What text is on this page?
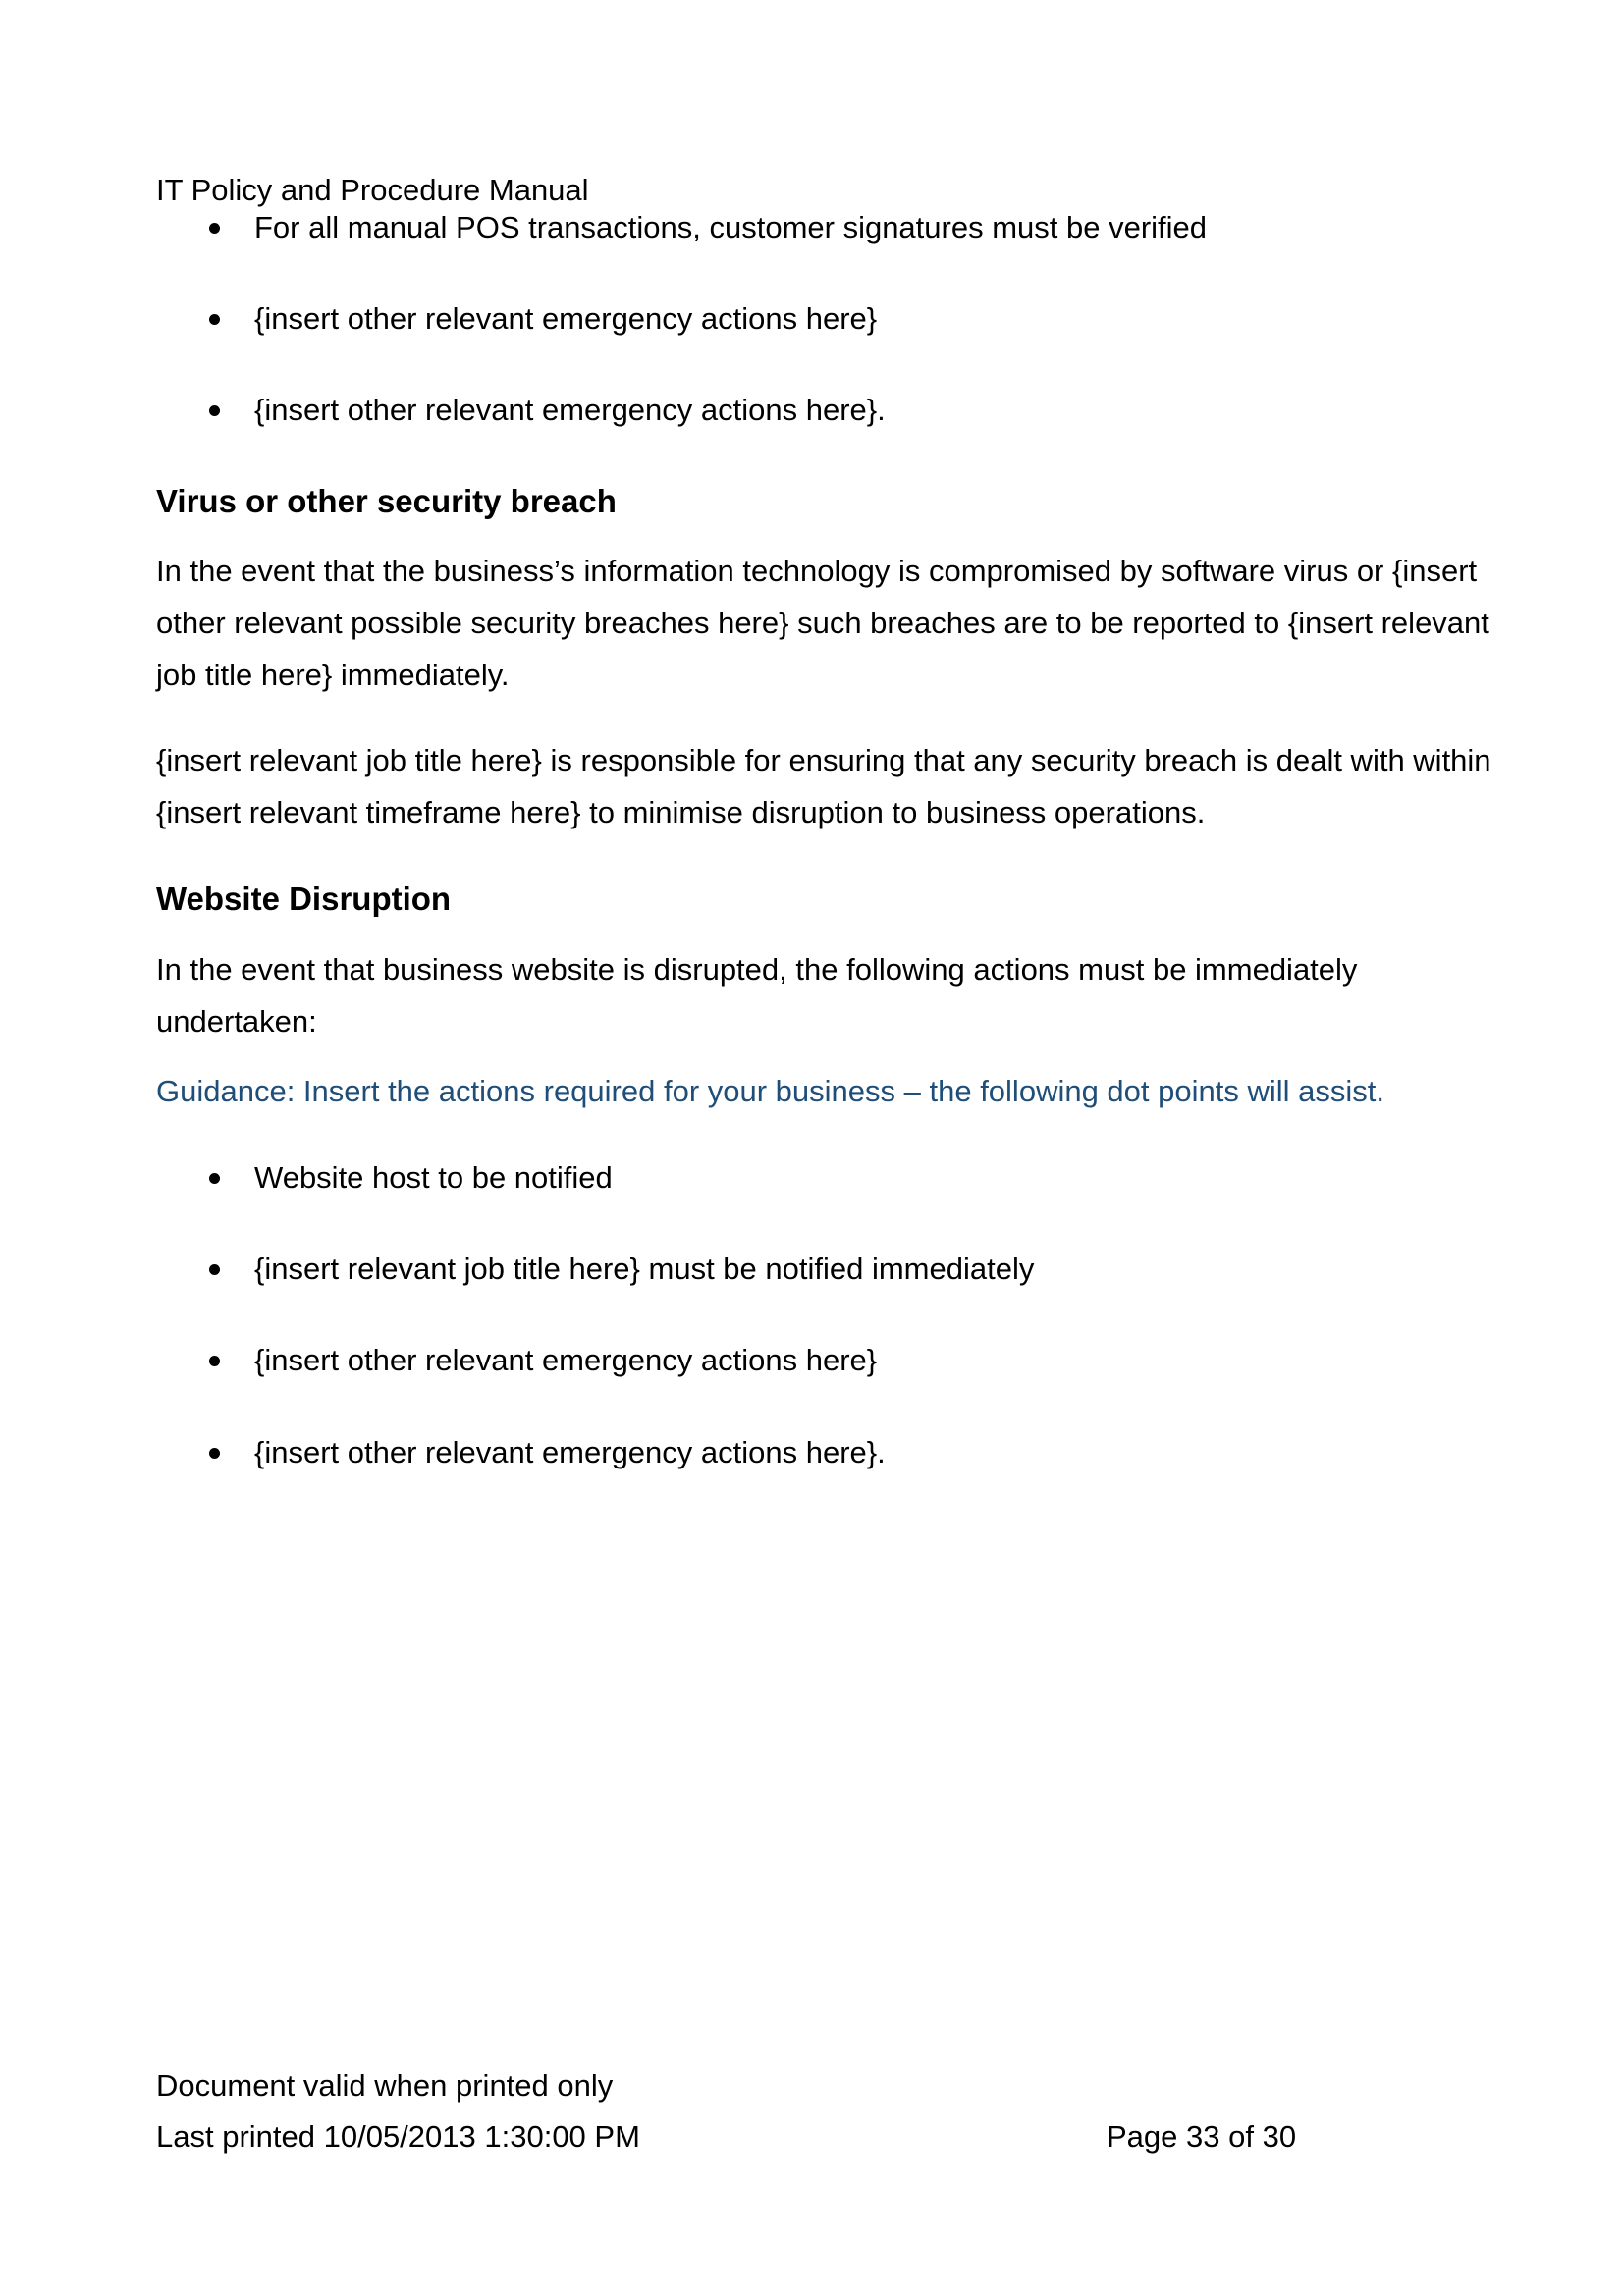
IT Policy and Procedure Manual
For all manual POS transactions, customer signatures must be verified
{insert other relevant emergency actions here}
{insert other relevant emergency actions here}.
Virus or other security breach
In the event that the business’s information technology is compromised by software virus or {insert other relevant possible security breaches here} such breaches are to be reported to {insert relevant job title here} immediately.
{insert relevant job title here} is responsible for ensuring that any security breach is dealt with within {insert relevant timeframe here} to minimise disruption to business operations.
Website Disruption
In the event that business website is disrupted, the following actions must be immediately undertaken:
Guidance: Insert the actions required for your business – the following dot points will assist.
Website host to be notified
{insert relevant job title here} must be notified immediately
{insert other relevant emergency actions here}
{insert other relevant emergency actions here}.
Document valid when printed only
Last printed 10/05/2013 1:30:00 PM	Page 33 of 30
